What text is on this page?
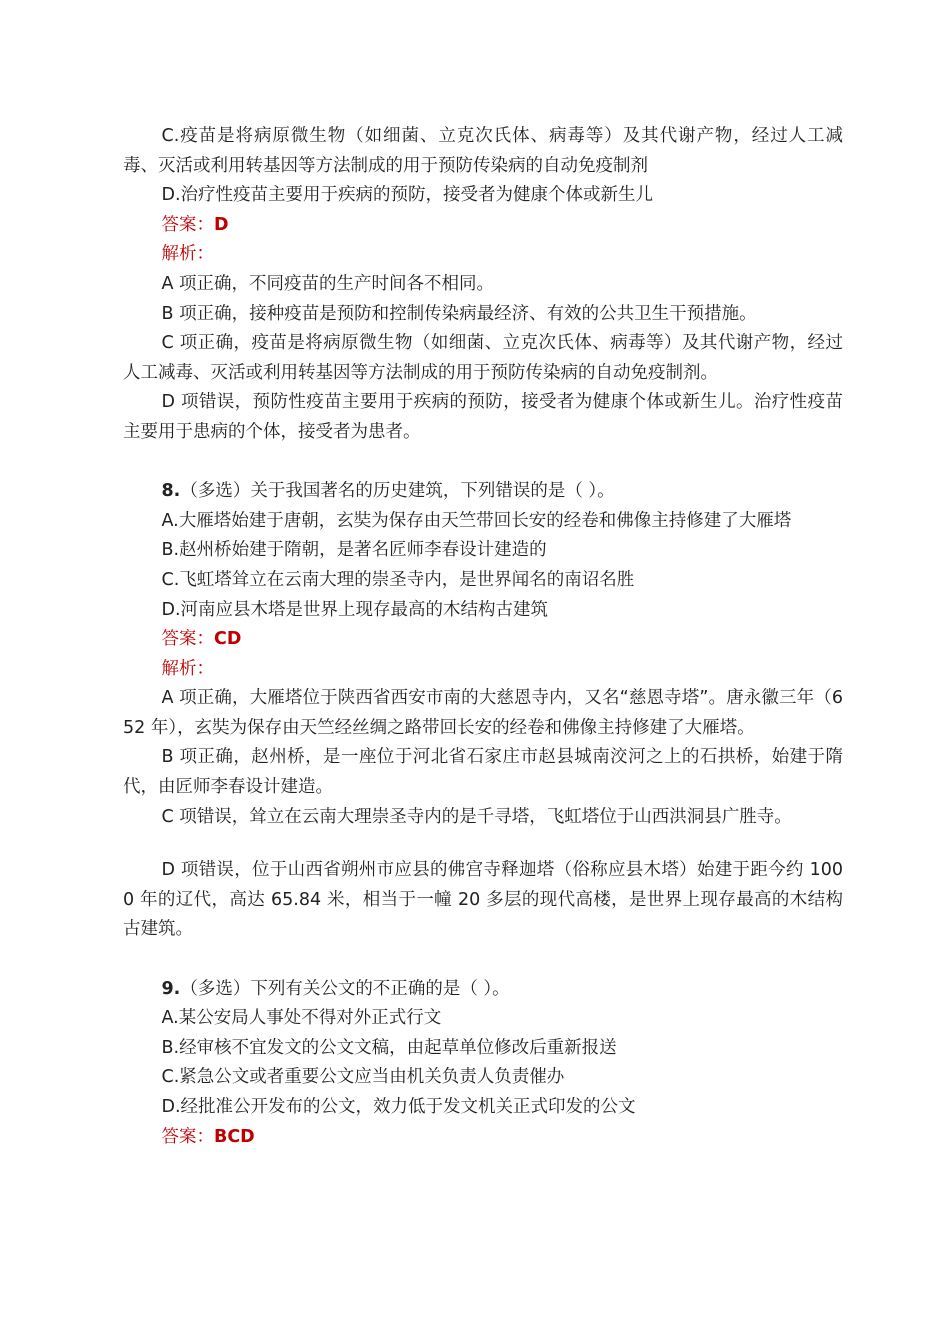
C.疫苗是将病原微生物（如细菌、立克次氏体、病毒等）及其代谢产物，经过人工减毒、灭活或利用转基因等方法制成的用于预防传染病的自动免疫制剂

D.治疗性疫苗主要用于疾病的预防，接受者为健康个体或新生儿

答案：D

解析：

A 项正确，不同疫苗的生产时间各不相同。

B 项正确，接种疫苗是预防和控制传染病最经济、有效的公共卫生干预措施。

C 项正确，疫苗是将病原微生物（如细菌、立克次氏体、病毒等）及其代谢产物，经过人工减毒、灭活或利用转基因等方法制成的用于预防传染病的自动免疫制剂。

D 项错误，预防性疫苗主要用于疾病的预防，接受者为健康个体或新生儿。治疗性疫苗主要用于患病的个体，接受者为患者。

8.（多选）关于我国著名的历史建筑，下列错误的是（ ）。

A.大雁塔始建于唐朝，玄奘为保存由天竺带回长安的经卷和佛像主持修建了大雁塔

B.赵州桥始建于隋朝，是著名匠师李春设计建造的

C.飞虹塔耸立在云南大理的崇圣寺内，是世界闻名的南诏名胜

D.河南应县木塔是世界上现存最高的木结构古建筑

答案：CD

解析：

A 项正确，大雁塔位于陕西省西安市南的大慈恩寺内，又名“慈恩寺塔”。唐永徽三年（652 年），玄奘为保存由天竺经丝绸之路带回长安的经卷和佛像主持修建了大雁塔。

B 项正确，赵州桥，是一座位于河北省石家庄市赵县城南洨河之上的石拱桥，始建于隋代，由匠师李春设计建造。

C 项错误，耸立在云南大理崇圣寺内的是千寻塔，飞虹塔位于山西洪洞县广胜寺。

D 项错误，位于山西省朔州市应县的佛宫寺释迦塔（俗称应县木塔）始建于距今约 1000 年的辽代，高达 65.84 米，相当于一幢 20 多层的现代高楼，是世界上现存最高的木结构古建筑。

9.（多选）下列有关公文的不正确的是（ ）。

A.某公安局人事处不得对外正式行文

B.经审核不宜发文的公文文稿，由起草单位修改后重新报送

C.紧急公文或者重要公文应当由机关负责人负责催办

D.经批准公开发布的公文，效力低于发文机关正式印发的公文

答案：BCD
